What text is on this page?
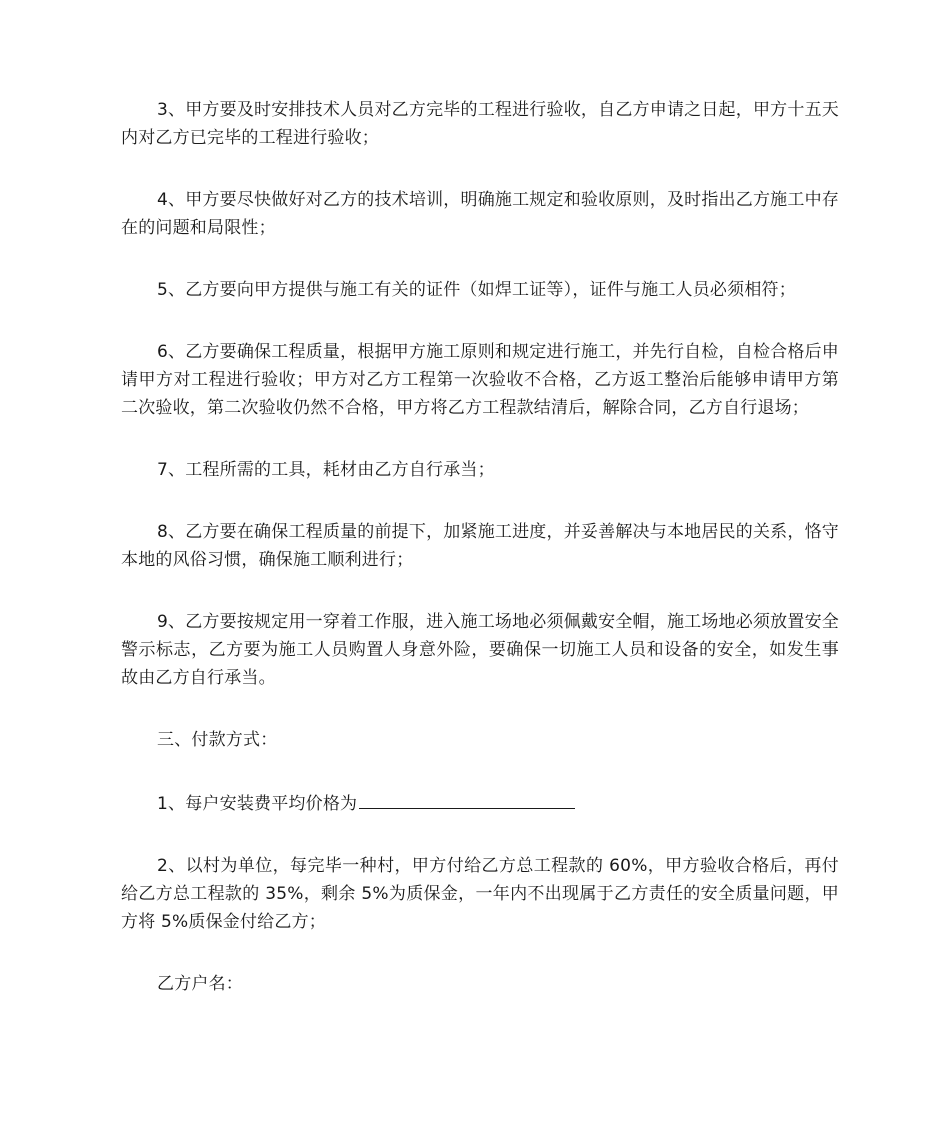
3、甲方要及时安排技术人员对乙方完毕的工程进行验收，自乙方申请之日起，甲方十五天内对乙方已完毕的工程进行验收；

4、甲方要尽快做好对乙方的技术培训，明确施工规定和验收原则，及时指出乙方施工中存在的问题和局限性；

5、乙方要向甲方提供与施工有关的证件（如焊工证等），证件与施工人员必须相符；

6、乙方要确保工程质量，根据甲方施工原则和规定进行施工，并先行自检，自检合格后申请甲方对工程进行验收；甲方对乙方工程第一次验收不合格，乙方返工整治后能够申请甲方第二次验收，第二次验收仍然不合格，甲方将乙方工程款结清后，解除合同，乙方自行退场；

7、工程所需的工具，耗材由乙方自行承当；

8、乙方要在确保工程质量的前提下，加紧施工进度，并妥善解决与本地居民的关系，恪守本地的风俗习惯，确保施工顺利进行；

9、乙方要按规定用一穿着工作服，进入施工场地必须佩戴安全帽，施工场地必须放置安全警示标志，乙方要为施工人员购置人身意外险，要确保一切施工人员和设备的安全，如发生事故由乙方自行承当。

三、付款方式：

1、每户安装费平均价格为

2、以村为单位，每完毕一种村，甲方付给乙方总工程款的 60%，甲方验收合格后，再付给乙方总工程款的 35%，剩余 5%为质保金，一年内不出现属于乙方责任的安全质量问题，甲方将 5%质保金付给乙方；

乙方户名：
